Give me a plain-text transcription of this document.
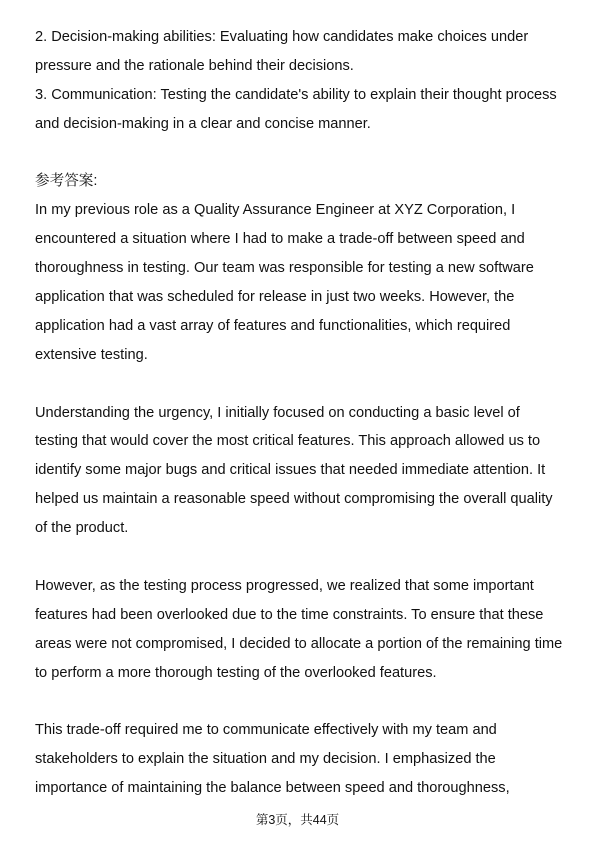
2. Decision-making abilities: Evaluating how candidates make choices under
pressure and the rationale behind their decisions.
3. Communication: Testing the candidate's ability to explain their thought process
and decision-making in a clear and concise manner.
参考答案:
In my previous role as a Quality Assurance Engineer at XYZ Corporation, I
encountered a situation where I had to make a trade-off between speed and
thoroughness in testing. Our team was responsible for testing a new software
application that was scheduled for release in just two weeks. However, the
application had a vast array of features and functionalities, which required
extensive testing.
Understanding the urgency, I initially focused on conducting a basic level of
testing that would cover the most critical features. This approach allowed us to
identify some major bugs and critical issues that needed immediate attention. It
helped us maintain a reasonable speed without compromising the overall quality
of the product.
However, as the testing process progressed, we realized that some important
features had been overlooked due to the time constraints. To ensure that these
areas were not compromised, I decided to allocate a portion of the remaining time
to perform a more thorough testing of the overlooked features.
This trade-off required me to communicate effectively with my team and
stakeholders to explain the situation and my decision. I emphasized the
importance of maintaining the balance between speed and thoroughness,
第3页，共44页
